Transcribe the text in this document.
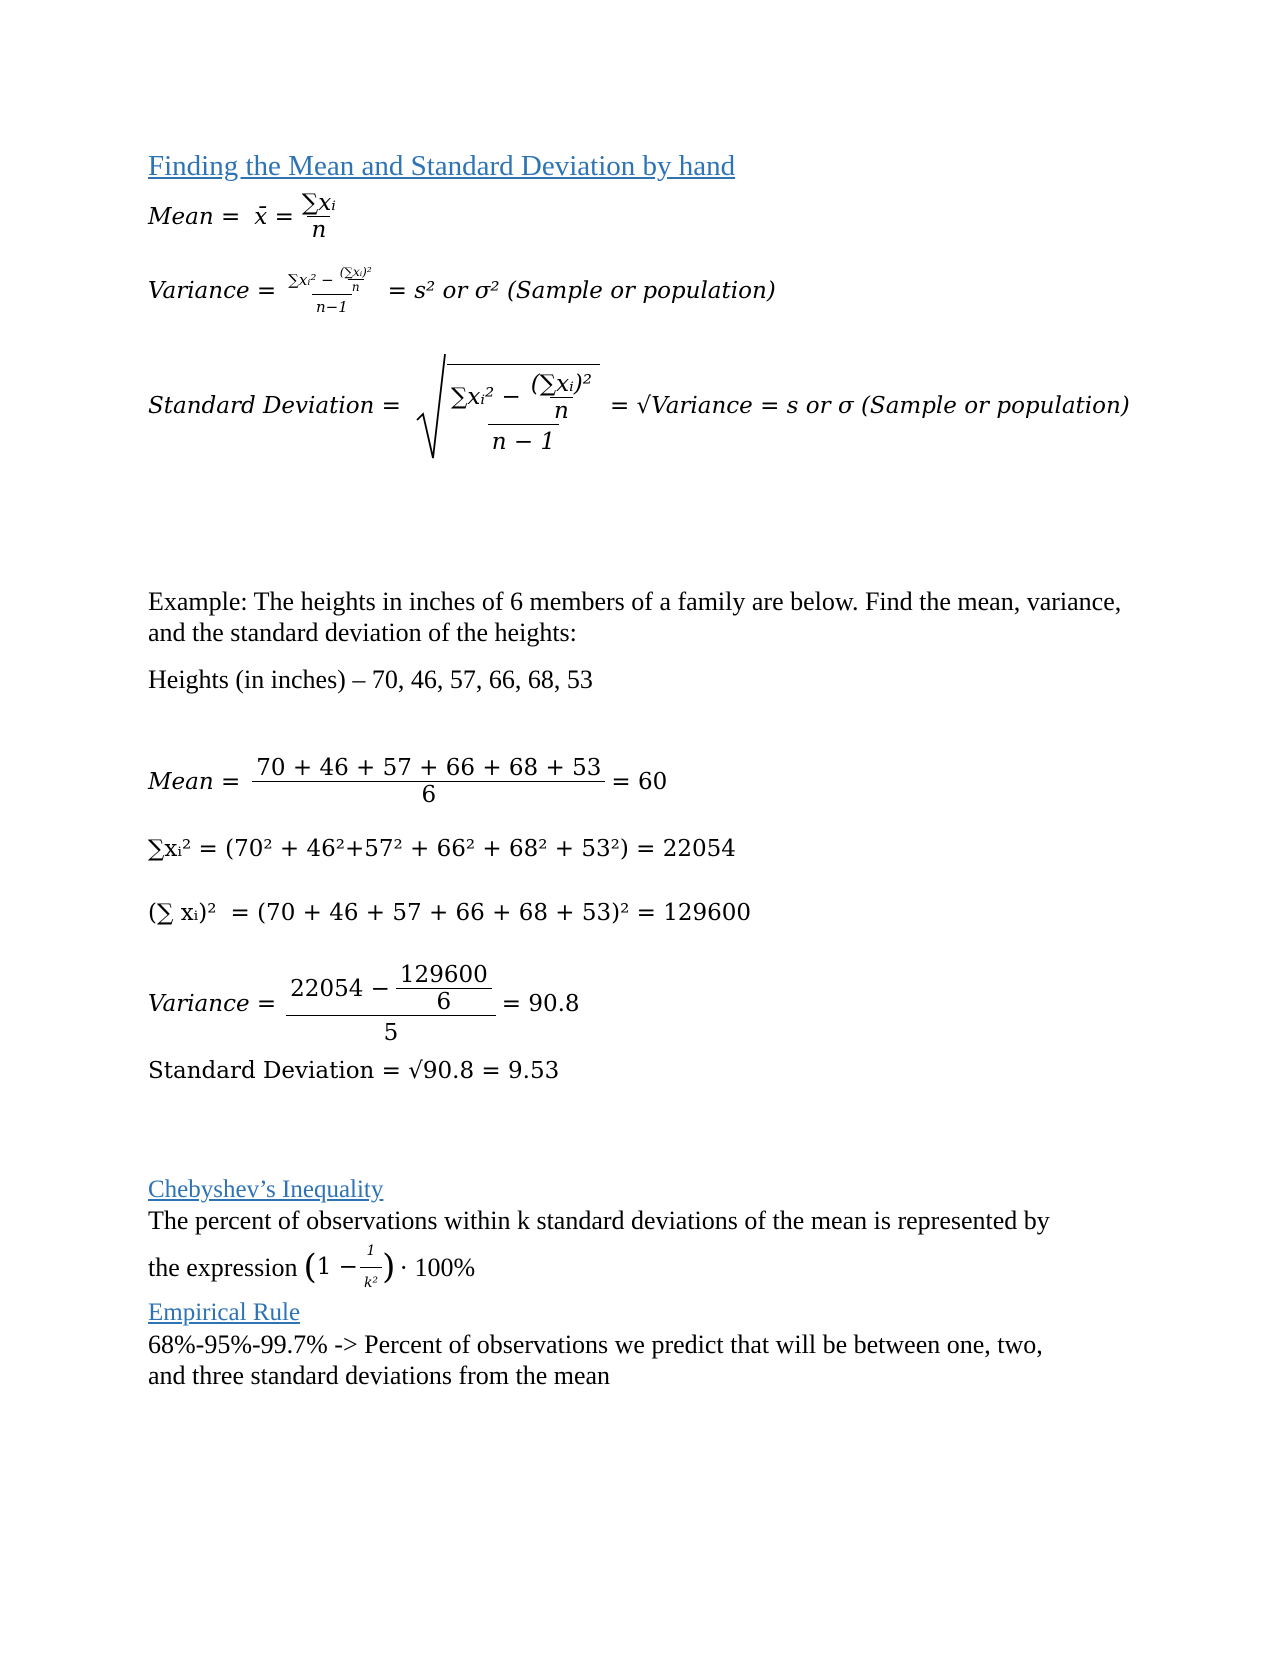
Finding the Mean and Standard Deviation by hand
Mean = x̄ = $\frac{\text{∑xᵢ}}{n}$
Variance = $\frac{\sum xᵢ^2 - \frac{\text{(∑xᵢ)²}}{n}}{n-1} = s^2$ or σ² (Sample or population)
Standard Deviation = $\frac{\sum xᵢ^2 - \frac{\text{(∑xᵢ)²}}{n}}{n - 1}$ = √Variance = s or σ (Sample or population)
Example: The heights in inches of 6 members of a family are below. Find the mean, variance, and the standard deviation of the heights:
Heights (in inches) – 70, 46, 57, 66, 68, 53
Mean = $\frac{70 + 46 + 57 + 66 + 68 + 53}{6} = 60$
∑xᵢ² = (70² + 46²+57² + 66² + 68² + 53²) = 22054
(∑ xᵢ)² = (70 + 46 + 57 + 66 + 68 + 53)² = 129600
Variance = $\frac{22054 - \frac{129600}{6}}{5} = 90.8$
Standard Deviation = √90.8 = 9.53
Chebyshev’s Inequality
The percent of observations within k standard deviations of the mean is represented by
the expression ( $1 - \frac{1}{\text{k²}}$ ) · 100%
Empirical Rule
68%-95%-99.7% -> Percent of observations we predict that will be between one, two,
and three standard deviations from the mean
